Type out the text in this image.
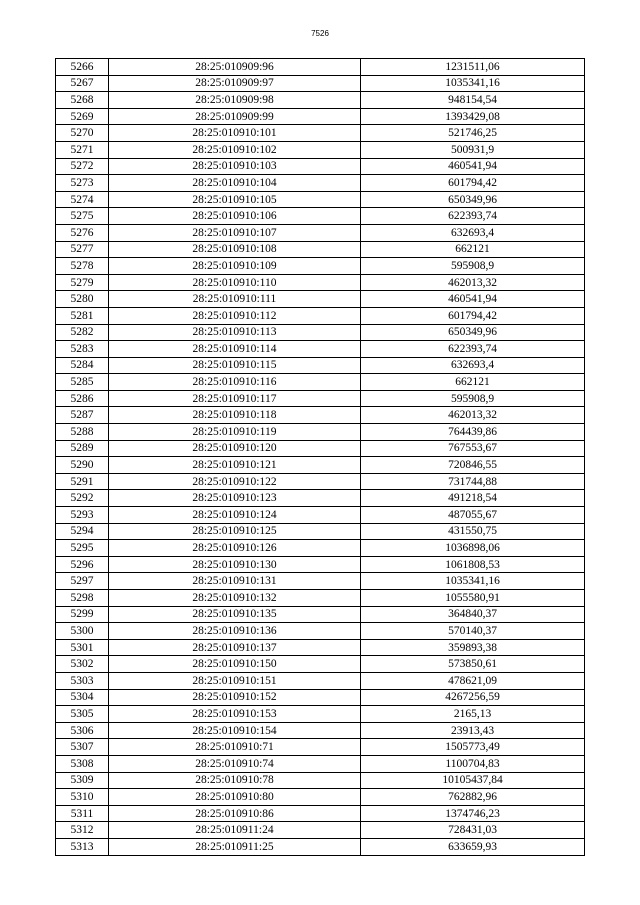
7526
5266	28:25:010909:96	1231511,06
5267	28:25:010909:97	1035341,16
5268	28:25:010909:98	948154,54
5269	28:25:010909:99	1393429,08
5270	28:25:010910:101	521746,25
5271	28:25:010910:102	500931,9
5272	28:25:010910:103	460541,94
5273	28:25:010910:104	601794,42
5274	28:25:010910:105	650349,96
5275	28:25:010910:106	622393,74
5276	28:25:010910:107	632693,4
5277	28:25:010910:108	662121
5278	28:25:010910:109	595908,9
5279	28:25:010910:110	462013,32
5280	28:25:010910:111	460541,94
5281	28:25:010910:112	601794,42
5282	28:25:010910:113	650349,96
5283	28:25:010910:114	622393,74
5284	28:25:010910:115	632693,4
5285	28:25:010910:116	662121
5286	28:25:010910:117	595908,9
5287	28:25:010910:118	462013,32
5288	28:25:010910:119	764439,86
5289	28:25:010910:120	767553,67
5290	28:25:010910:121	720846,55
5291	28:25:010910:122	731744,88
5292	28:25:010910:123	491218,54
5293	28:25:010910:124	487055,67
5294	28:25:010910:125	431550,75
5295	28:25:010910:126	1036898,06
5296	28:25:010910:130	1061808,53
5297	28:25:010910:131	1035341,16
5298	28:25:010910:132	1055580,91
5299	28:25:010910:135	364840,37
5300	28:25:010910:136	570140,37
5301	28:25:010910:137	359893,38
5302	28:25:010910:150	573850,61
5303	28:25:010910:151	478621,09
5304	28:25:010910:152	4267256,59
5305	28:25:010910:153	2165,13
5306	28:25:010910:154	23913,43
5307	28:25:010910:71	1505773,49
5308	28:25:010910:74	1100704,83
5309	28:25:010910:78	10105437,84
5310	28:25:010910:80	762882,96
5311	28:25:010910:86	1374746,23
5312	28:25:010911:24	728431,03
5313	28:25:010911:25	633659,93
